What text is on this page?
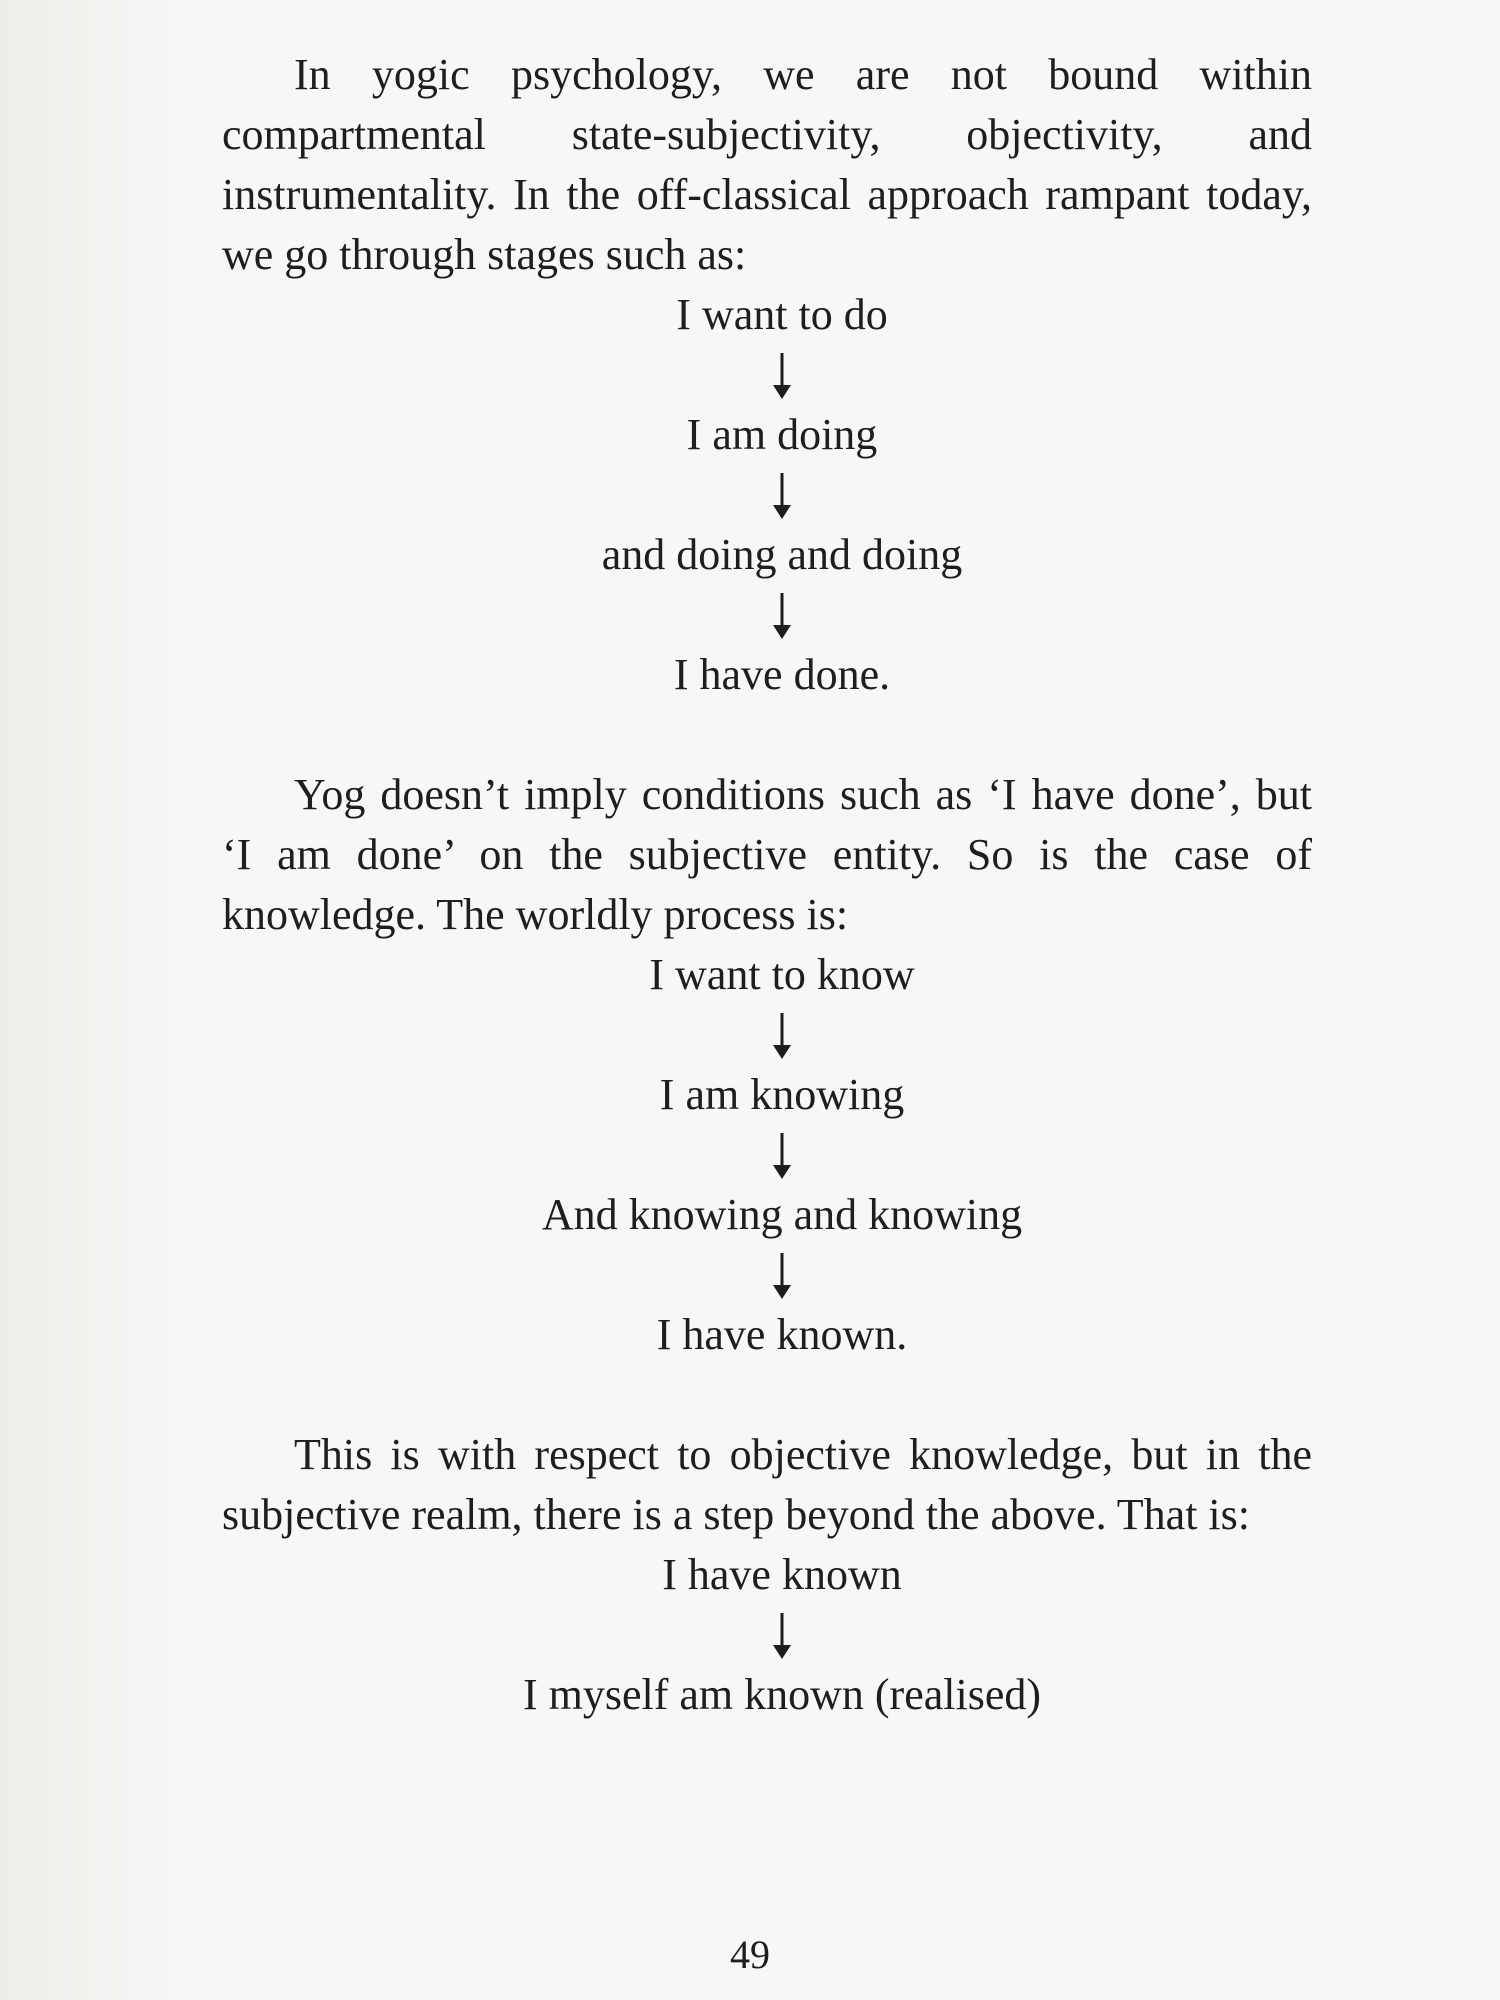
In yogic psychology, we are not bound within compartmental state-subjectivity, objectivity, and instrumentality. In the off-classical approach rampant today, we go through stages such as:

I want to do
I am doing
and doing and doing
I have done.

Yog doesn’t imply conditions such as ‘I have done’, but ‘I am done’ on the subjective entity. So is the case of knowledge. The worldly process is:

I want to know
I am knowing
And knowing and knowing
I have known.

This is with respect to objective knowledge, but in the subjective realm, there is a step beyond the above. That is:

I have known
I myself am known (realised)
49
